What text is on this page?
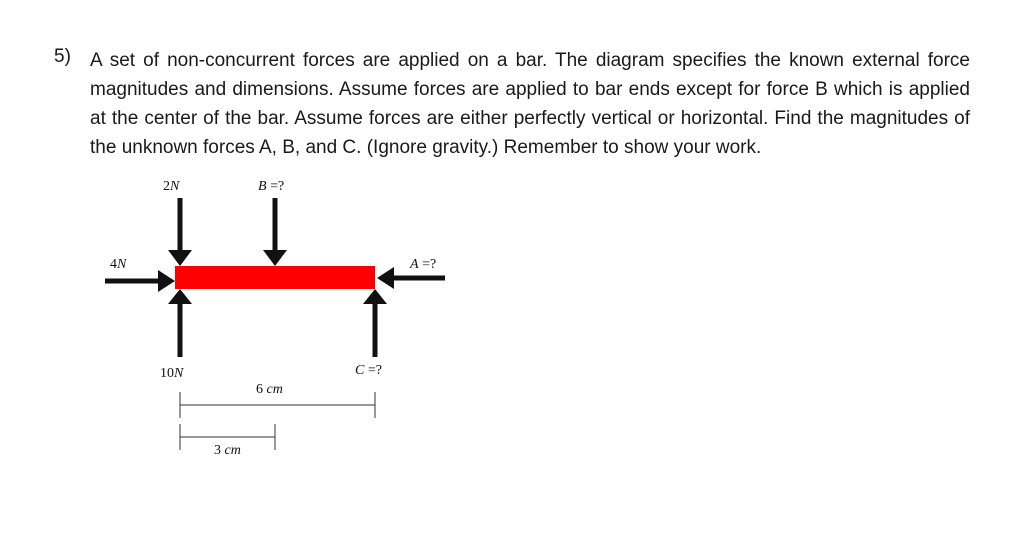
5) A set of non-concurrent forces are applied on a bar. The diagram specifies the known external force magnitudes and dimensions. Assume forces are applied to bar ends except for force B which is applied at the center of the bar. Assume forces are either perfectly vertical or horizontal. Find the magnitudes of the unknown forces A, B, and C. (Ignore gravity.) Remember to show your work.
2N	B =?
4N	A =?
10N	C =?
6 cm
3 cm
